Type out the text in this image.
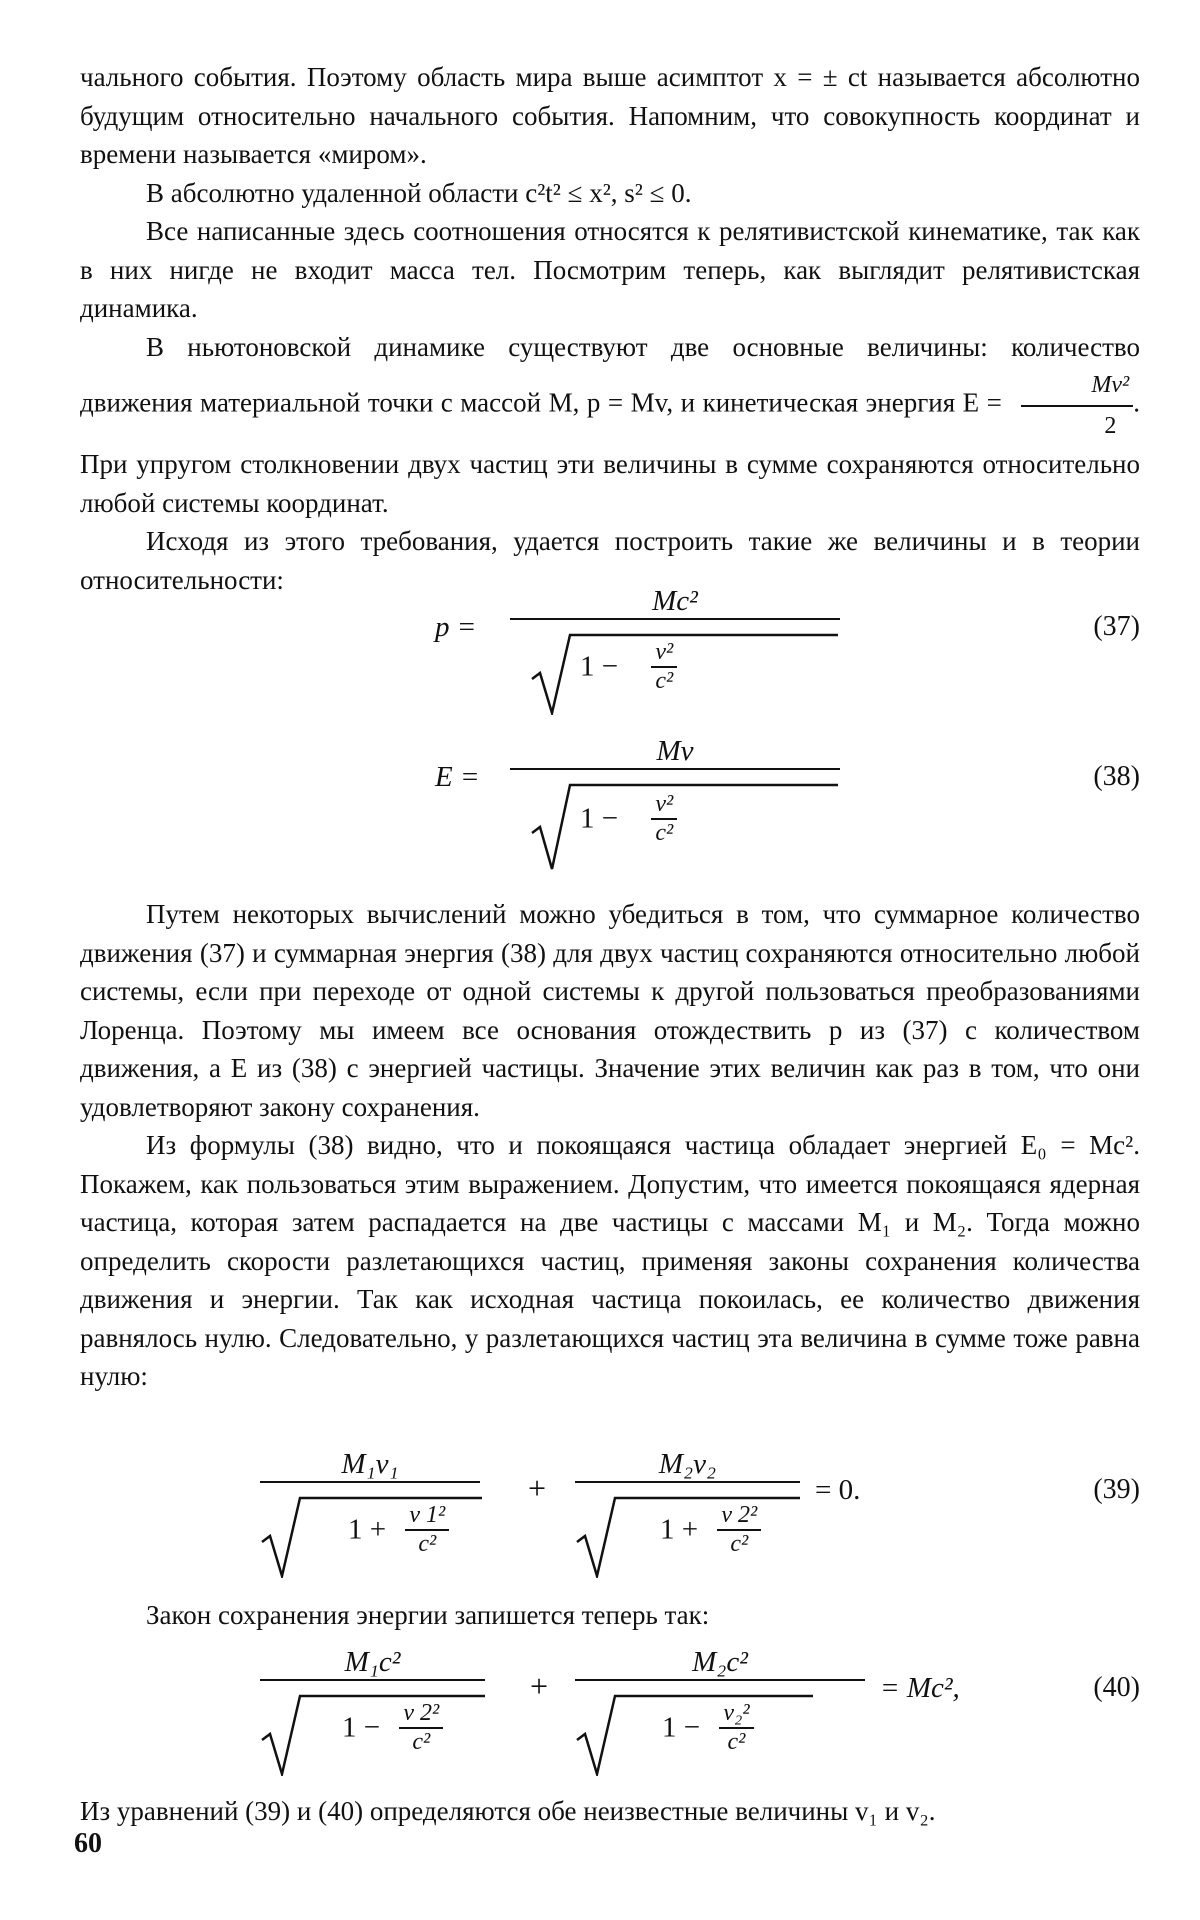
чального события. Поэтому область мира выше асимптот x = ± ct называется абсолютно будущим относительно начального события. Напомним, что совокупность координат и времени называется «миром».

В абсолютно удаленной области c²t² ≤ x², s² ≤ 0.

Все написанные здесь соотношения относятся к релятивистской кинематике, так как в них нигде не входит масса тел. Посмотрим теперь, как выглядит релятивистская динамика.

В ньютоновской динамике существуют две основные величины: количество движения материальной точки с массой M, p = Mv, и кинетическая энергия $E = \frac{\text{Mv²}}{2}$ . При упругом столкновении двух частиц эти величины в сумме сохраняются относительно любой системы координат.

Исходя из этого требования, удается построить такие же величины и в теории относительности:

p =
Mc²
$1 - \frac{\text{v²}}{\text{c²}}$
(37)
E =
Mv
$1 - \frac{\text{v²}}{\text{c²}}$
(38)

Путем некоторых вычислений можно убедиться в том, что суммарное количество движения (37) и суммарная энергия (38) для двух частиц сохраняются относительно любой системы, если при переходе от одной системы к другой пользоваться преобразованиями Лоренца. Поэтому мы имеем все основания отождествить p из (37) с количеством движения, а E из (38) с энергией частицы. Значение этих величин как раз в том, что они удовлетворяют закону сохранения.

Из формулы (38) видно, что и покоящаяся частица обладает энергией E₀ = Mc². Покажем, как пользоваться этим выражением. Допустим, что имеется покоящаяся ядерная частица, которая затем распадается на две частицы с массами M₁ и M₂. Тогда можно определить скорости разлетающихся частиц, применяя законы сохранения количества движения и энергии. Так как исходная частица покоилась, ее количество движения равнялось нулю. Следовательно, у разлетающихся частиц эта величина в сумме тоже равна нулю:

M₁v₁
$1 + \frac{\text{v 1²}}{\text{c²}}$
+
M₂v₂
$1 + \frac{\text{v 2²}}{\text{c²}}$
= 0.	(39)

Закон сохранения энергии запишется теперь так:

M₁c²
$1 - \frac{\text{v 2²}}{\text{c²}}$
+
M₂c²
$1 - \frac{\text{v₂²}}{\text{c²}}$
= Mc²,	(40)

Из уравнений (39) и (40) определяются обе неизвестные величины v₁ и v₂.

60
